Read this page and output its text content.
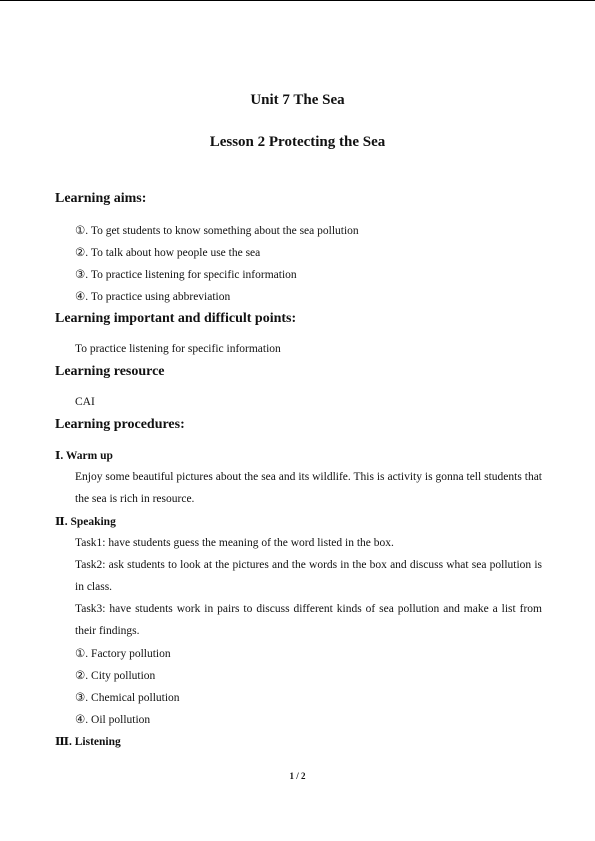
Unit 7 The Sea
Lesson 2 Protecting the Sea
Learning aims:
①. To get students to know something about the sea pollution
②. To talk about how people use the sea
③. To practice listening for specific information
④. To practice using abbreviation
Learning important and difficult points:
To practice listening for specific information
Learning resource
CAI
Learning procedures:
Ⅰ. Warm up
Enjoy some beautiful pictures about the sea and its wildlife. This is activity is gonna tell students that the sea is rich in resource.
Ⅱ. Speaking
Task1: have students guess the meaning of the word listed in the box.
Task2: ask students to look at the pictures and the words in the box and discuss what sea pollution is in class.
Task3: have students work in pairs to discuss different kinds of sea pollution and make a list from their findings.
①. Factory pollution
②. City pollution
③. Chemical pollution
④. Oil pollution
Ⅲ. Listening
1 / 2
